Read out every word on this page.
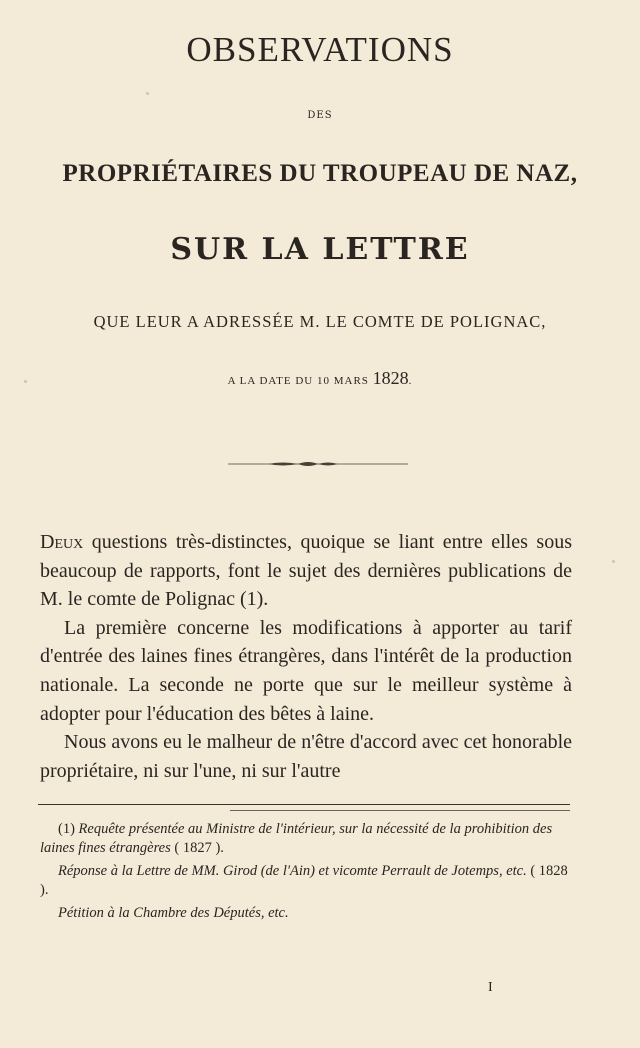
OBSERVATIONS
DES
PROPRIÉTAIRES DU TROUPEAU DE NAZ,
SUR LA LETTRE
QUE LEUR A ADRESSÉE M. LE COMTE DE POLIGNAC,
A LA DATE DU 10 MARS 1828.

Deux questions très-distinctes, quoique se liant entre elles sous beaucoup de rapports, font le sujet des dernières publications de M. le comte de Polignac (1).

La première concerne les modifications à apporter au tarif d'entrée des laines fines étrangères, dans l'intérêt de la production nationale. La seconde ne porte que sur le meilleur système à adopter pour l'éducation des bêtes à laine.

Nous avons eu le malheur de n'être d'accord avec cet honorable propriétaire, ni sur l'une, ni sur l'autre

(1) Requête présentée au Ministre de l'intérieur, sur la nécessité de la prohibition des laines fines étrangères ( 1827 ).

Réponse à la Lettre de MM. Girod (de l'Ain) et vicomte Perrault de Jotemps, etc. ( 1828 ).

Pétition à la Chambre des Députés, etc.

I
